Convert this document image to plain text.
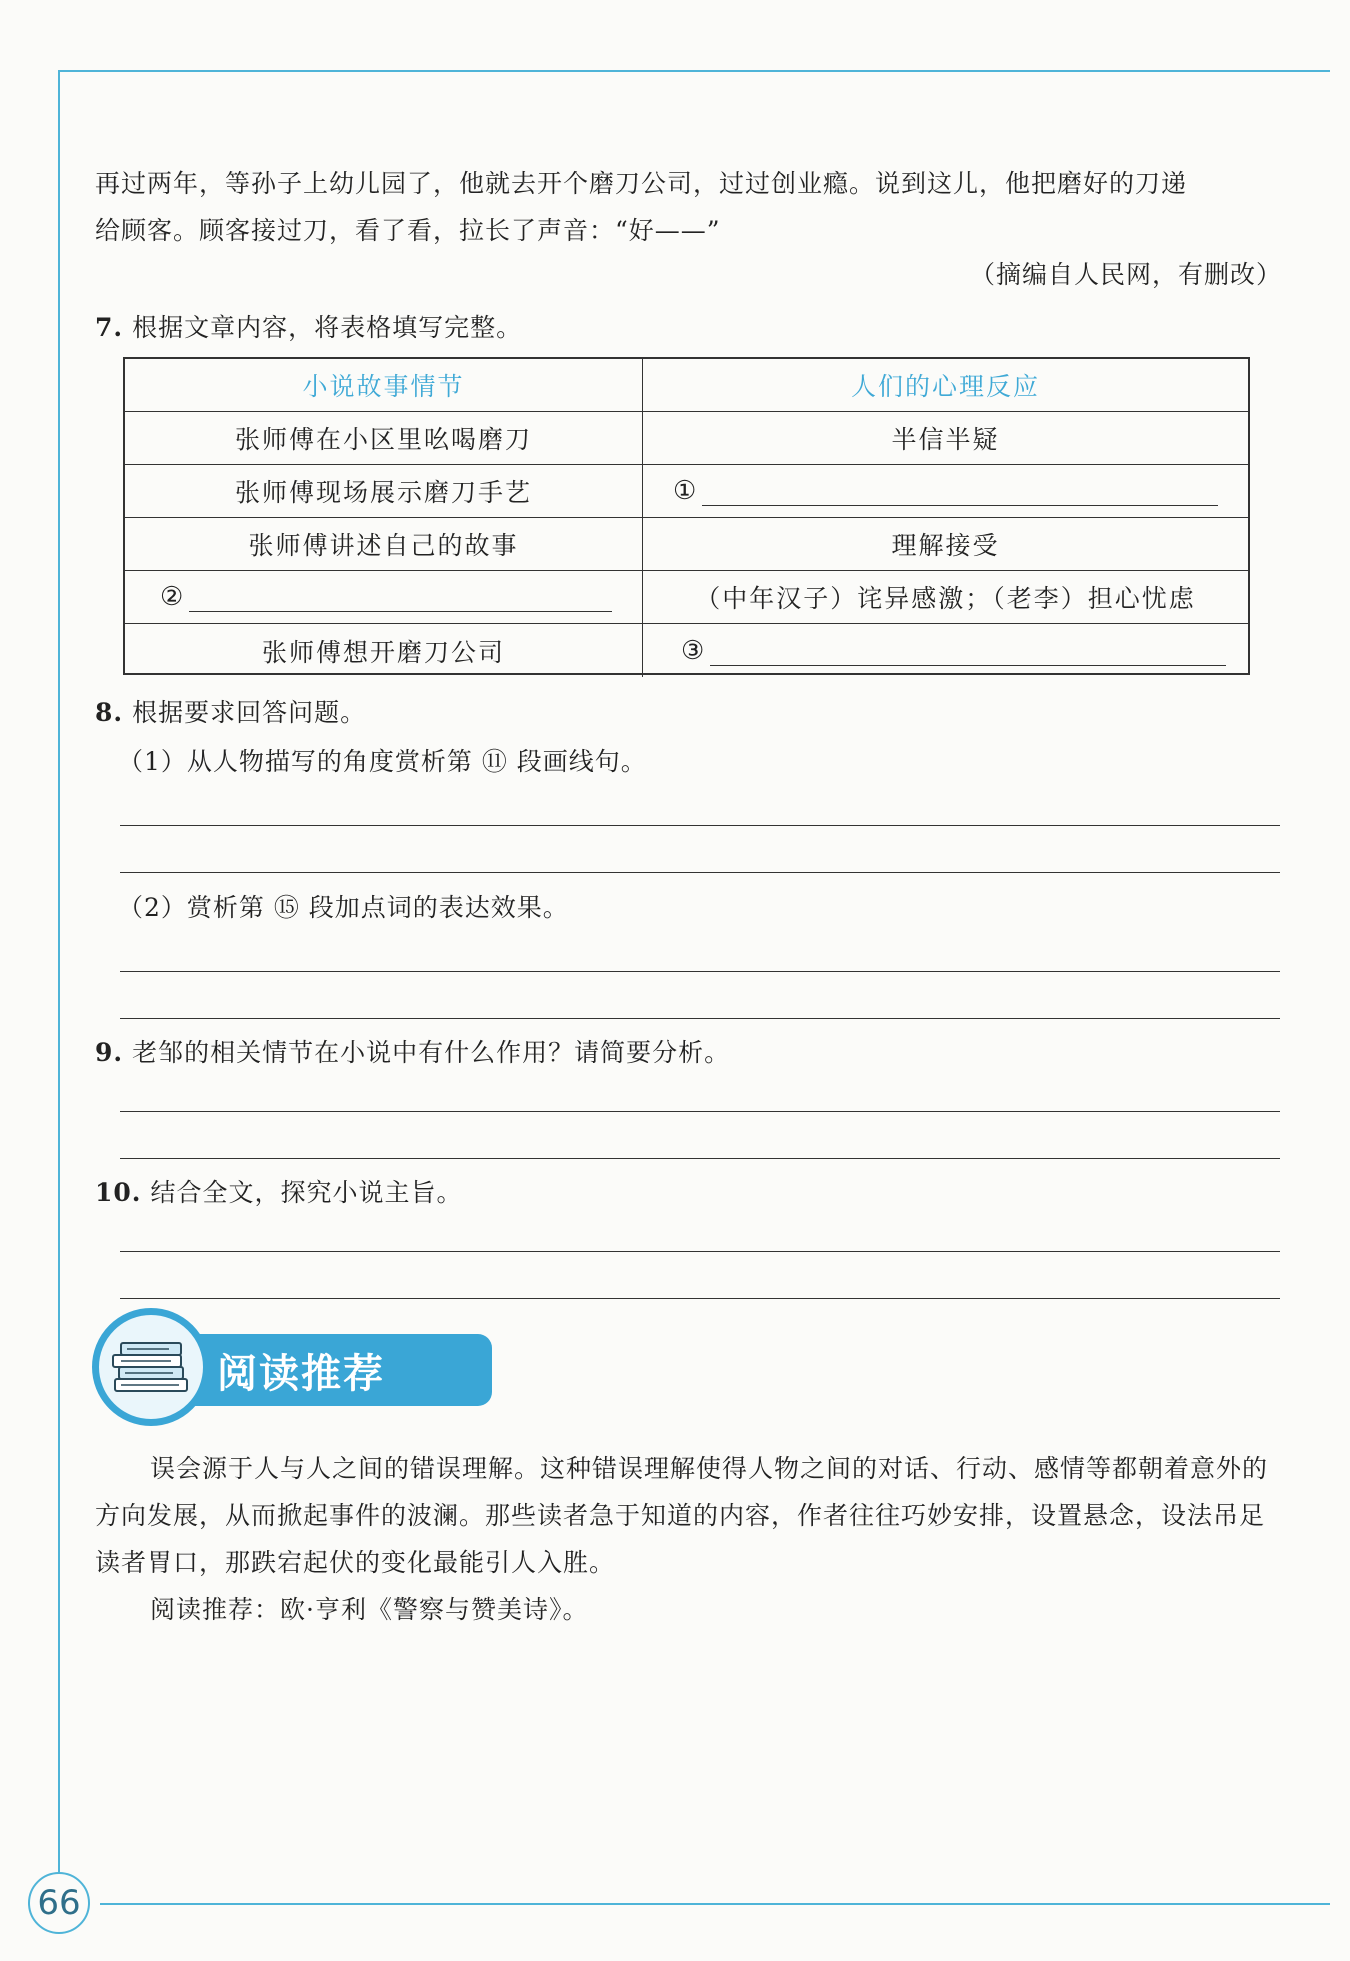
再过两年，等孙子上幼儿园了，他就去开个磨刀公司，过过创业瘾。说到这儿，他把磨好的刀递

给顾客。顾客接过刀，看了看，拉长了声音：“好——”

（摘编自人民网，有删改）

7. 根据文章内容，将表格填写完整。

小说故事情节	人们的心理反应
张师傅在小区里吆喝磨刀	半信半疑
张师傅现场展示磨刀手艺	①
张师傅讲述自己的故事	理解接受
②	（中年汉子）诧异感激；（老李）担心忧虑
张师傅想开磨刀公司	③

8. 根据要求回答问题。

（1）从人物描写的角度赏析第 ⑪ 段画线句。
（2）赏析第 ⑮ 段加点词的表达效果。

9. 老邹的相关情节在小说中有什么作用？请简要分析。

10. 结合全文，探究小说主旨。

阅读推荐

误会源于人与人之间的错误理解。这种错误理解使得人物之间的对话、行动、感情等都朝着意外的方向发展，从而掀起事件的波澜。那些读者急于知道的内容，作者往往巧妙安排，设置悬念，设法吊足读者胃口，那跌宕起伏的变化最能引人入胜。

阅读推荐：欧·亨利《警察与赞美诗》。

66
